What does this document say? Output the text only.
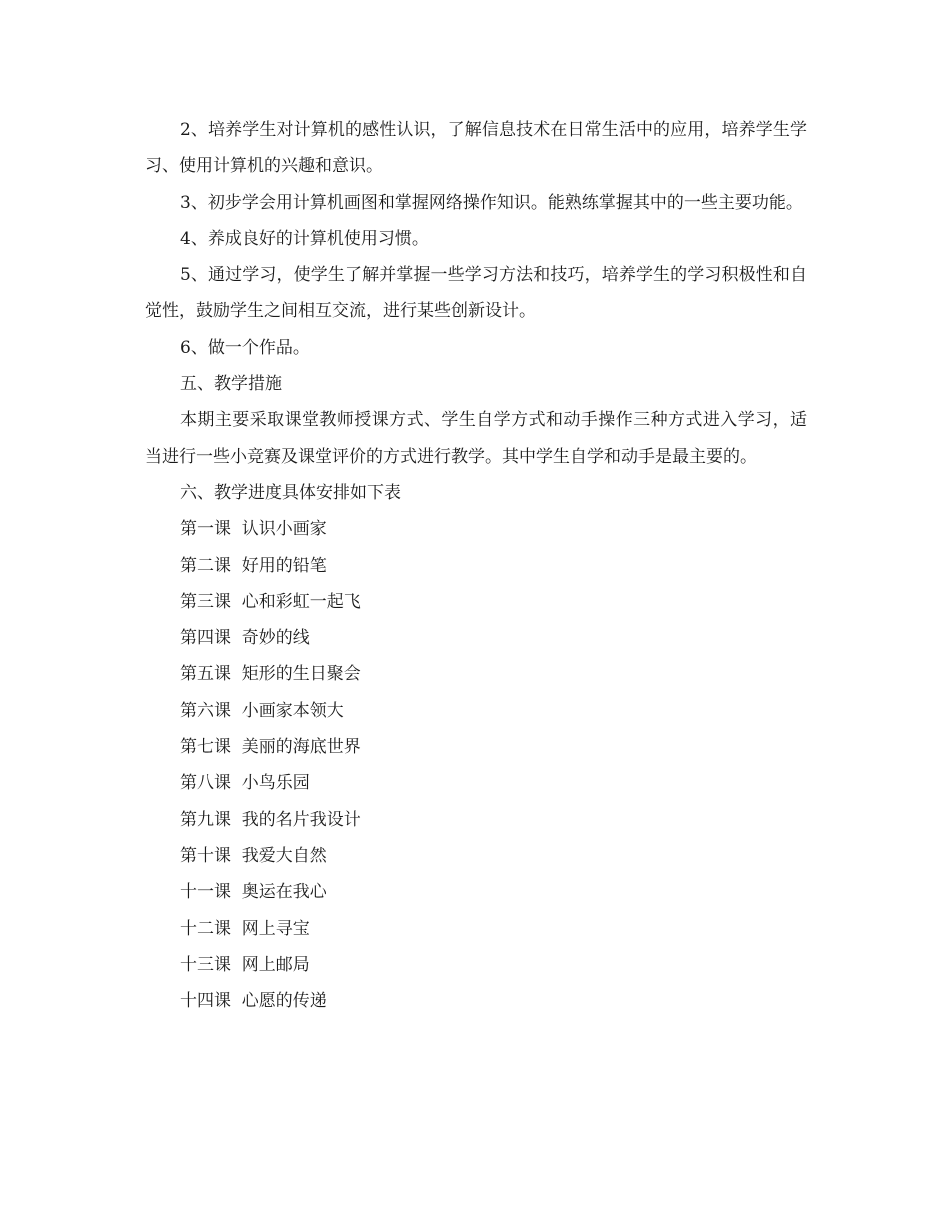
2、培养学生对计算机的感性认识，了解信息技术在日常生活中的应用，培养学生学习、使用计算机的兴趣和意识。

3、初步学会用计算机画图和掌握网络操作知识。能熟练掌握其中的一些主要功能。

4、养成良好的计算机使用习惯。

5、通过学习，使学生了解并掌握一些学习方法和技巧，培养学生的学习积极性和自觉性，鼓励学生之间相互交流，进行某些创新设计。

6、做一个作品。

五、教学措施

本期主要采取课堂教师授课方式、学生自学方式和动手操作三种方式进入学习，适当进行一些小竞赛及课堂评价的方式进行教学。其中学生自学和动手是最主要的。

六、教学进度具体安排如下表

第一课  认识小画家

第二课  好用的铅笔

第三课  心和彩虹一起飞

第四课  奇妙的线

第五课  矩形的生日聚会

第六课  小画家本领大

第七课  美丽的海底世界

第八课  小鸟乐园

第九课  我的名片我设计

第十课  我爱大自然

十一课  奥运在我心

十二课  网上寻宝

十三课  网上邮局

十四课  心愿的传递
